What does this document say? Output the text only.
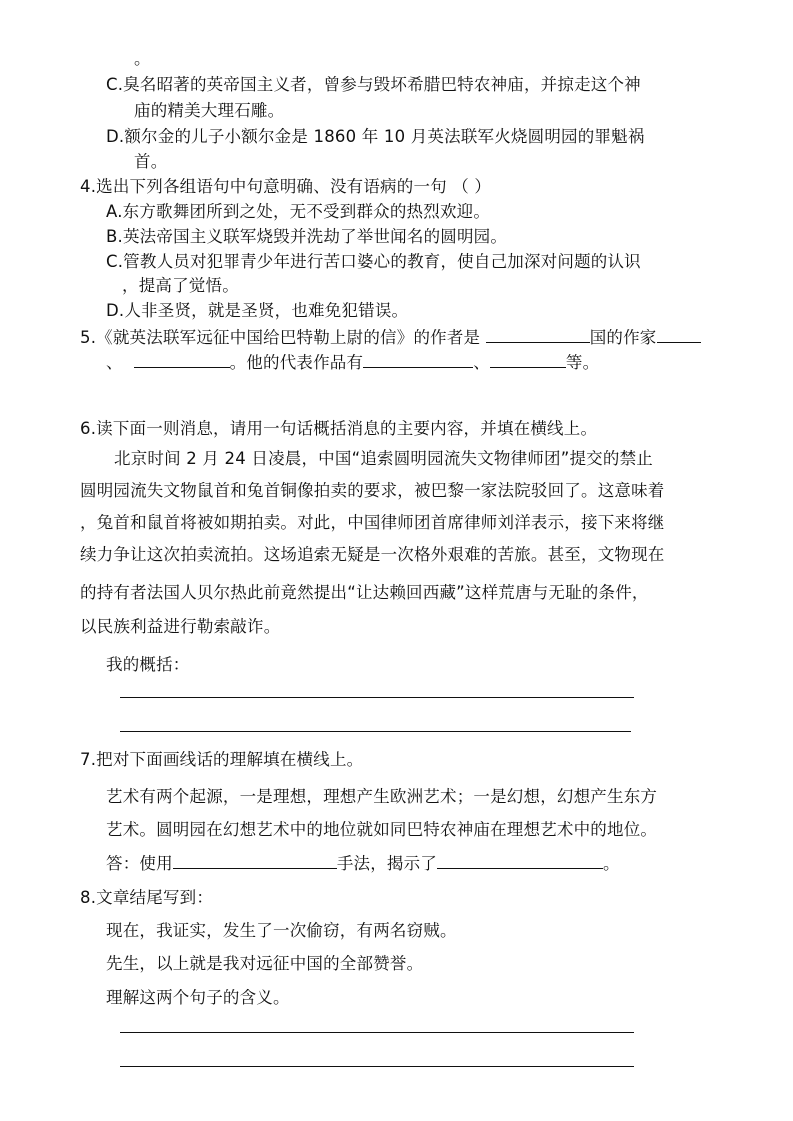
。
C.臭名昭著的英帝国主义者，曾参与毁坏希腊巴特农神庙，并掠走这个神
庙的精美大理石雕。
D.额尔金的儿子小额尔金是 1860 年 10 月英法联军火烧圆明园的罪魁祸
首。
4.选出下列各组语句中句意明确、没有语病的一句 （ ）
A.东方歌舞团所到之处，无不受到群众的热烈欢迎。
B.英法帝国主义联军烧毁并洗劫了举世闻名的圆明园。
C.管教人员对犯罪青少年进行苦口婆心的教育，使自己加深对问题的认识
，提高了觉悟。
D.人非圣贤，就是圣贤，也难免犯错误。
5.《就英法联军远征中国给巴特勒上尉的信》的作者是	国的作家
、	。他的代表作品有	、	等。
6.读下面一则消息，请用一句话概括消息的主要内容，并填在横线上。
北京时间 2 月 24 日凌晨，中国“追索圆明园流失文物律师团”提交的禁止
圆明园流失文物鼠首和兔首铜像拍卖的要求，被巴黎一家法院驳回了。这意味着
，兔首和鼠首将被如期拍卖。对此，中国律师团首席律师刘洋表示，接下来将继
续力争让这次拍卖流拍。这场追索无疑是一次格外艰难的苦旅。甚至，文物现在
的持有者法国人贝尔热此前竟然提出“让达赖回西藏”这样荒唐与无耻的条件，
以民族利益进行勒索敲诈。
我的概括：
7.把对下面画线话的理解填在横线上。
艺术有两个起源，一是理想，理想产生欧洲艺术；一是幻想，幻想产生东方
艺术。圆明园在幻想艺术中的地位就如同巴特农神庙在理想艺术中的地位。
答：使用	手法，揭示了	。
8.文章结尾写到：
现在，我证实，发生了一次偷窃，有两名窃贼。
先生，以上就是我对远征中国的全部赞誉。
理解这两个句子的含义。
